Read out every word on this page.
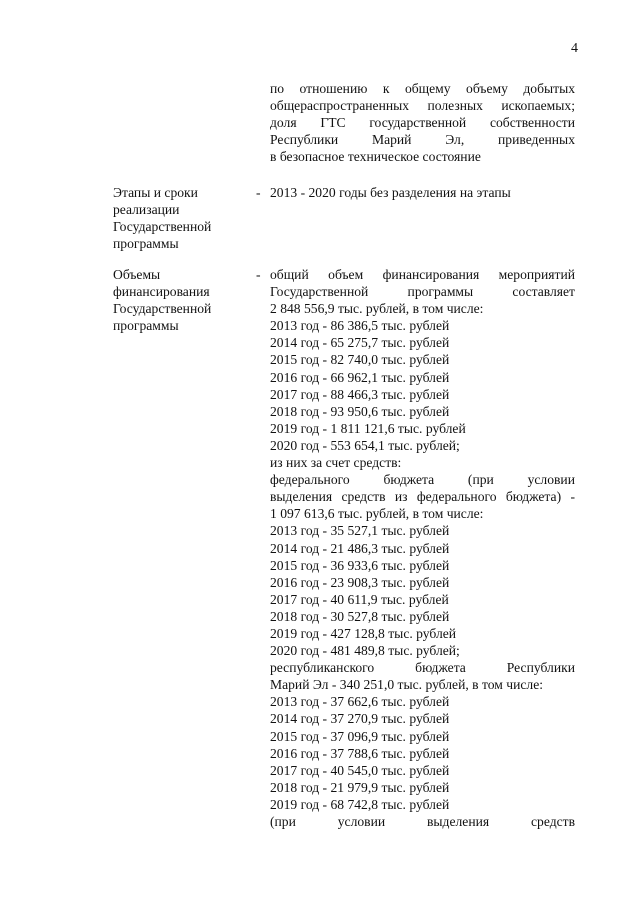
4
по отношению к общему объему добытых
общераспространенных полезных ископаемых;
доля ГТС государственной собственности
Республики Марий Эл, приведенных
в безопасное техническое состояние
Этапы и сроки
реализации
Государственной
программы
- 2013 - 2020 годы без разделения на этапы
Объемы
финансирования
Государственной
программы
- общий объем финансирования мероприятий
Государственной программы составляет
2 848 556,9 тыс. рублей, в том числе:
2013 год - 86 386,5 тыс. рублей
2014 год - 65 275,7 тыс. рублей
2015 год - 82 740,0 тыс. рублей
2016 год - 66 962,1 тыс. рублей
2017 год - 88 466,3 тыс. рублей
2018 год - 93 950,6 тыс. рублей
2019 год - 1 811 121,6 тыс. рублей
2020 год - 553 654,1 тыс. рублей;
из них за счет средств:
федерального бюджета (при условии
выделения средств из федерального бюджета) -
1 097 613,6 тыс. рублей, в том числе:
2013 год - 35 527,1 тыс. рублей
2014 год - 21 486,3 тыс. рублей
2015 год - 36 933,6 тыс. рублей
2016 год - 23 908,3 тыс. рублей
2017 год - 40 611,9 тыс. рублей
2018 год - 30 527,8 тыс. рублей
2019 год - 427 128,8 тыс. рублей
2020 год - 481 489,8 тыс. рублей;
республиканского бюджета Республики
Марий Эл - 340 251,0 тыс. рублей, в том числе:
2013 год - 37 662,6 тыс. рублей
2014 год - 37 270,9 тыс. рублей
2015 год - 37 096,9 тыс. рублей
2016 год - 37 788,6 тыс. рублей
2017 год - 40 545,0 тыс. рублей
2018 год - 21 979,9 тыс. рублей
2019 год - 68 742,8 тыс. рублей
(при условии выделения средств
